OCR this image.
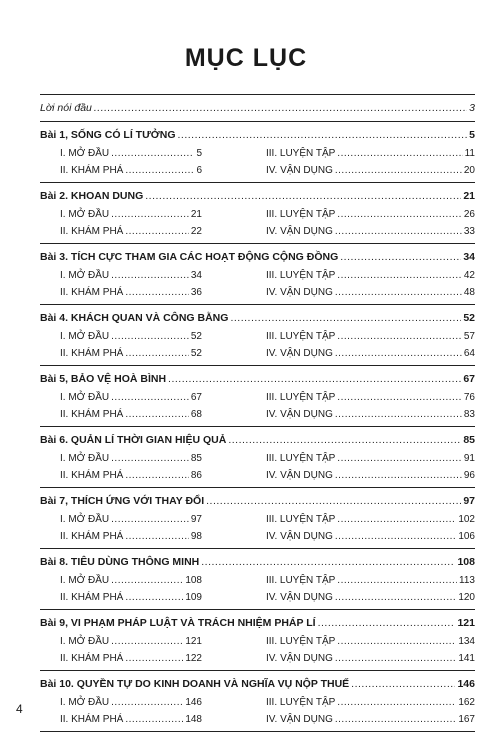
MỤC LỤC
Lời nói đầu .....	3
Bài 1, SỐNG CÓ LÍ TƯỞNG .....	5
I. MỞ ĐẦU .....	5	III. LUYỆN TẬP .....	11
II. KHÁM PHÁ .....	6	IV. VẬN DỤNG .....	20
Bài 2. KHOAN DUNG .....	21
I. MỞ ĐẦU .....	21	III. LUYỆN TẬP .....	26
II. KHÁM PHÁ .....	22	IV. VẬN DỤNG .....	33
Bài 3. TÍCH CỰC THAM GIA CÁC HOẠT ĐỘNG CỘNG ĐỒNG .....	34
I. MỞ ĐẦU .....	34	III. LUYỆN TẬP .....	42
II. KHÁM PHÁ .....	36	IV. VẬN DỤNG .....	48
Bài 4. KHÁCH QUAN VÀ CÔNG BẰNG .....	52
I. MỞ ĐẦU .....	52	III. LUYỆN TẬP .....	57
II. KHÁM PHÁ .....	52	IV. VẬN DỤNG .....	64
Bài 5, BẢO VỆ HOÀ BÌNH .....	67
I. MỞ ĐẦU .....	67	III. LUYỆN TẬP .....	76
II. KHÁM PHÁ .....	68	IV. VẬN DỤNG .....	83
Bài 6. QUẢN LÍ THỜI GIAN HIỆU QUẢ .....	85
I. MỞ ĐẦU .....	85	III. LUYỆN TẬP .....	91
II. KHÁM PHÁ .....	86	IV. VẬN DỤNG .....	96
Bài 7, THÍCH ỨNG VỚI THAY ĐỔI .....	97
I. MỞ ĐẦU .....	97	III. LUYỆN TẬP .....	102
II. KHÁM PHÁ .....	98	IV. VẬN DỤNG .....	106
Bài 8. TIÊU DÙNG THÔNG MINH .....	108
I. MỞ ĐẦU .....	108	III. LUYỆN TẬP .....	113
II. KHÁM PHÁ .....	109	IV. VẬN DỤNG .....	120
Bài 9, VI PHẠM PHÁP LUẬT VÀ TRÁCH NHIỆM PHÁP LÍ .....	121
I. MỞ ĐẦU .....	121	III. LUYỆN TẬP .....	134
II. KHÁM PHÁ .....	122	IV. VẬN DỤNG .....	141
Bài 10. QUYỀN TỰ DO KINH DOANH VÀ NGHĨA VỤ NỘP THUẾ .....	146
I. MỞ ĐẦU .....	146	III. LUYỆN TẬP .....	162
II. KHÁM PHÁ .....	148	IV. VẬN DỤNG .....	167
4
